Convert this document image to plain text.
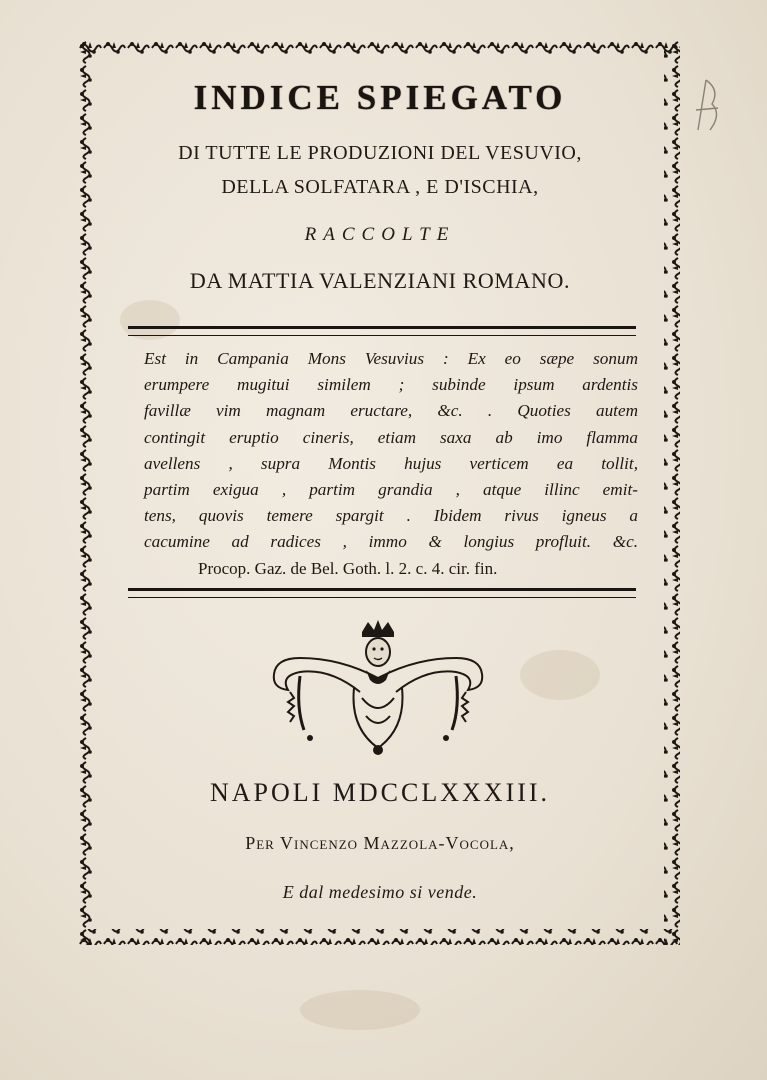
INDICE SPIEGATO
DI TUTTE LE PRODUZIONI DEL VESUVIO,
DELLA SOLFATARA , E D'ISCHIA,
RACCOLTE
DA MATTIA VALENZIANI ROMANO.
Est in Campania Mons Vesuvius : Ex eo sæpe sonum
erumpere mugitui similem ; subinde ipsum ardentis
favillæ vim magnam eructare, &c. . Quoties autem
contingit eruptio cineris, etiam saxa ab imo flamma
avellens , supra Montis hujus verticem ea tollit,
partim exigua , partim grandia , atque illinc emit-
tens, quovis temere spargit . Ibidem rivus igneus a
cacumine ad radices , immo & longius profluit. &c.
Procop. Gaz. de Bel. Goth. l. 2. c. 4. cir. fin.
NAPOLI MDCCLXXXIII.
Per Vincenzo Mazzola-Vocola,
E dal medesimo si vende.
